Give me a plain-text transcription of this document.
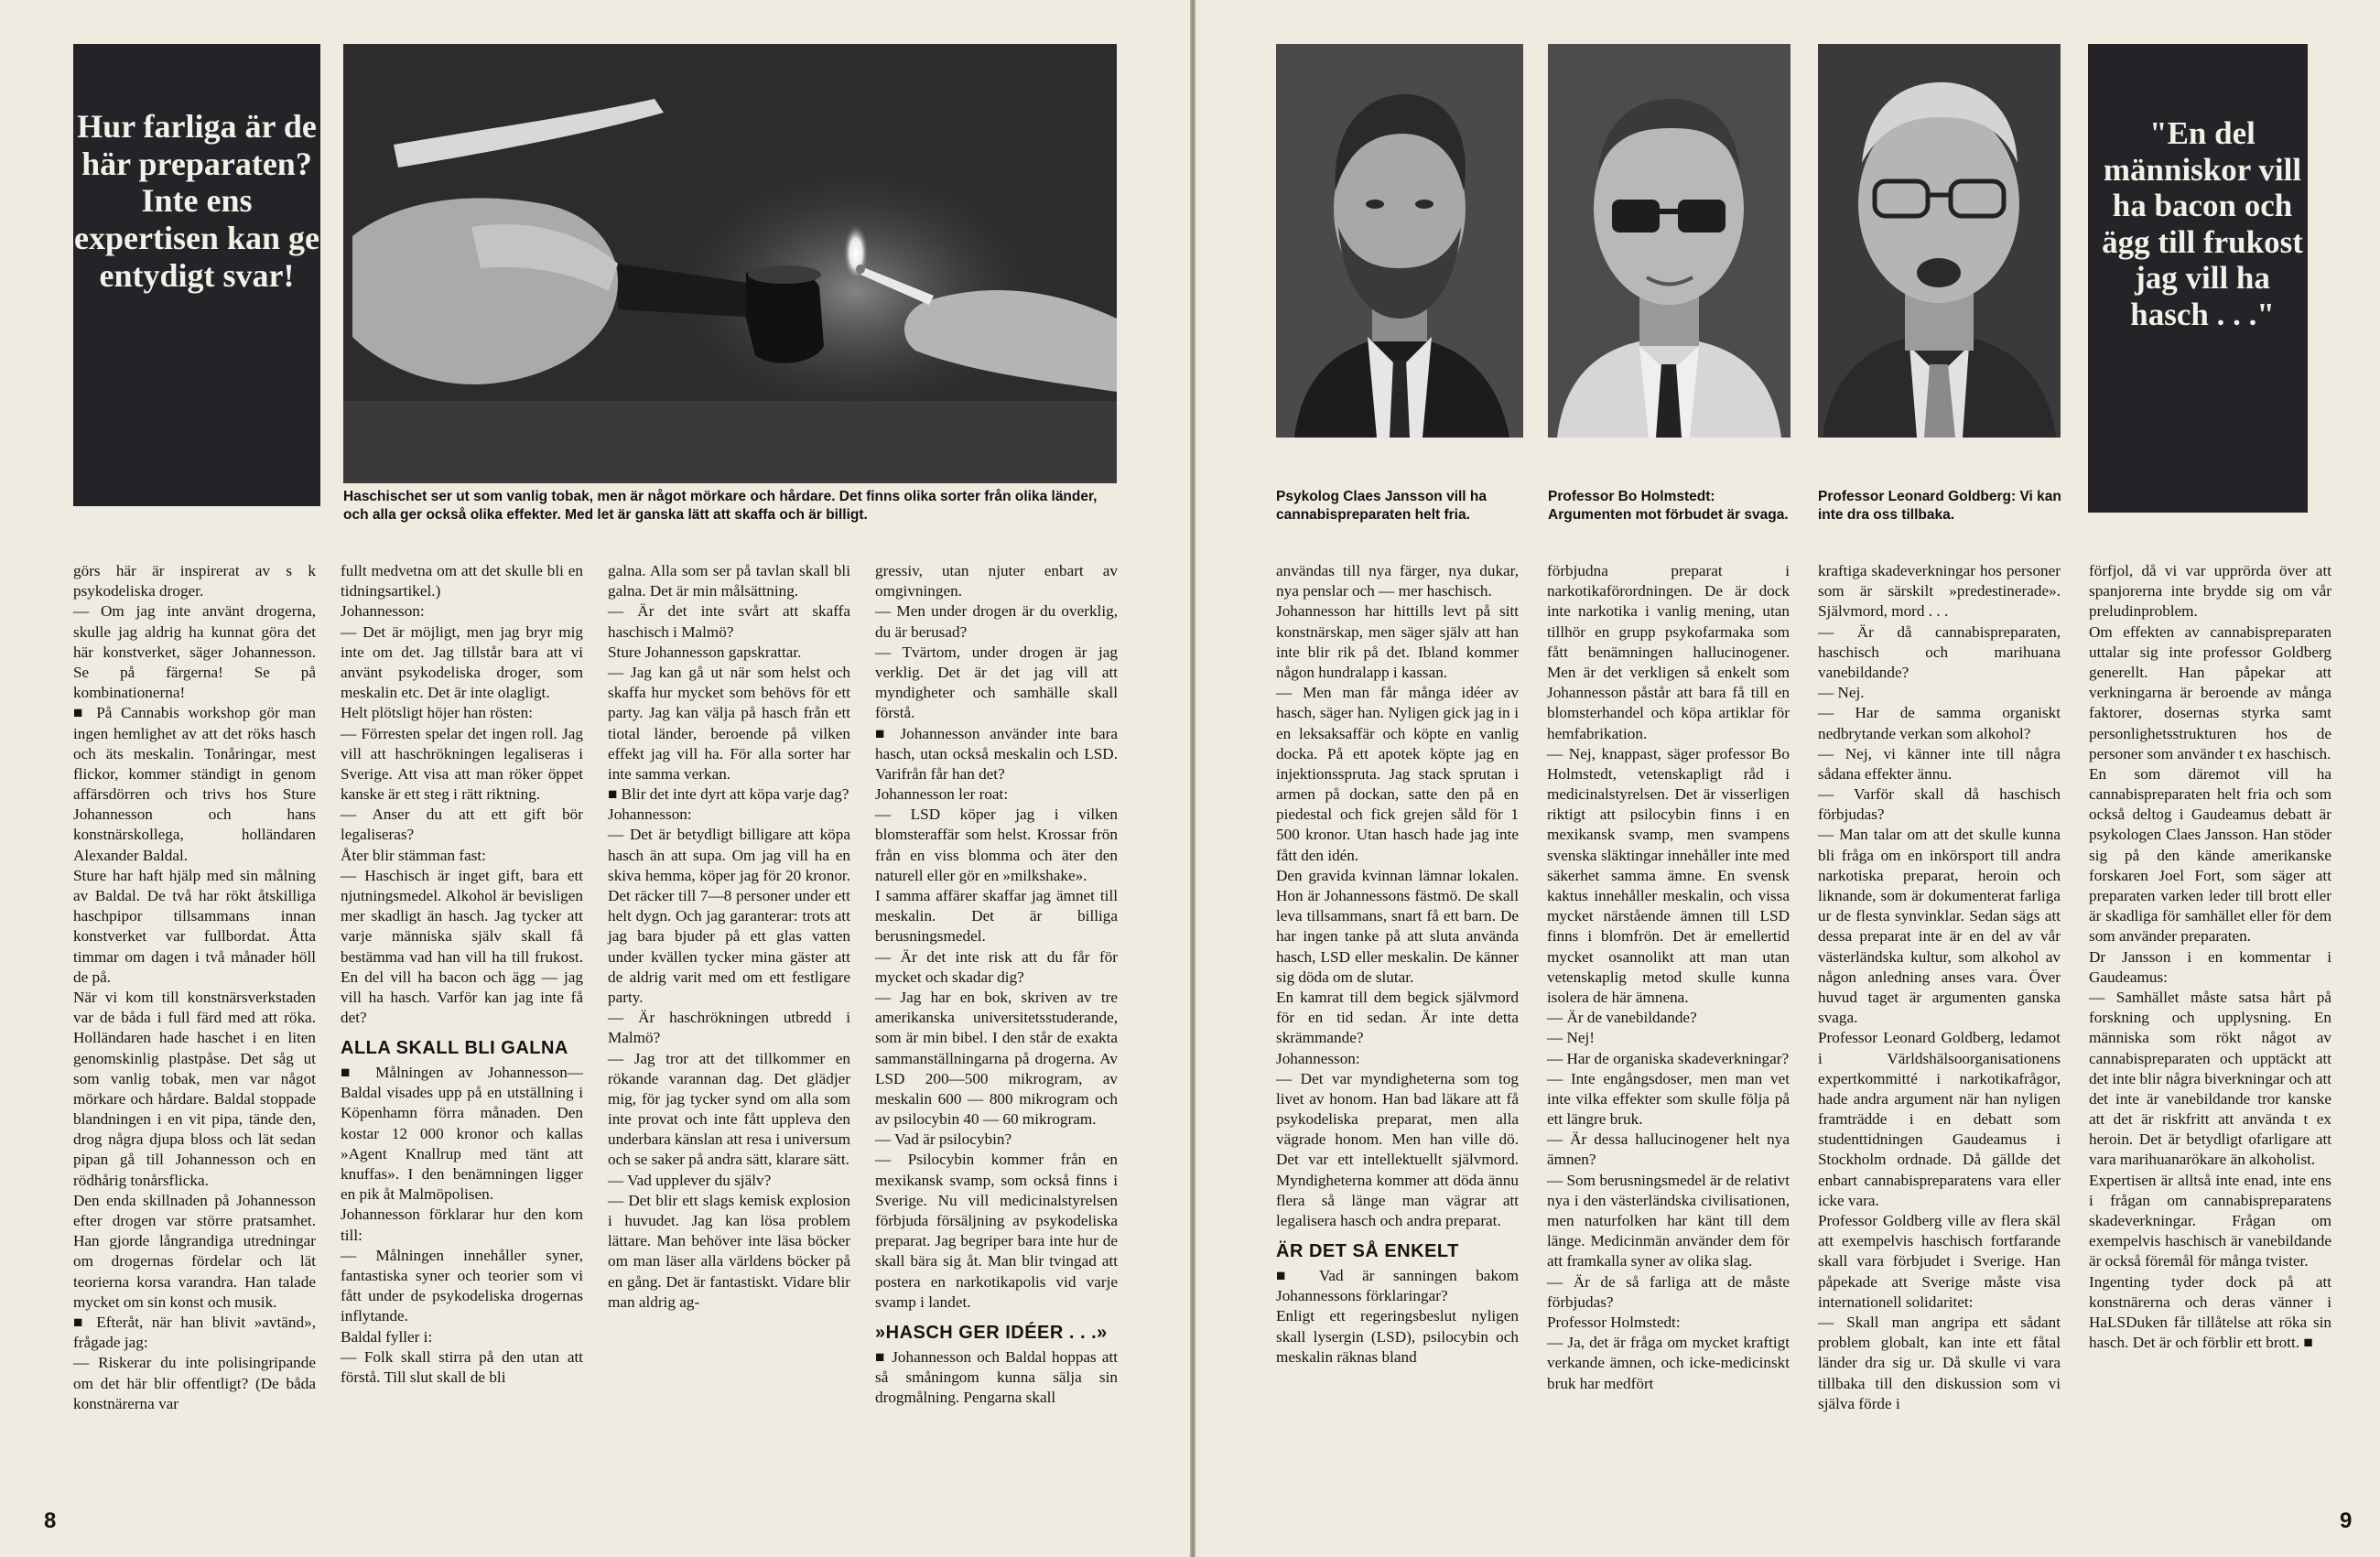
Hur farliga är de här preparaten? Inte ens expertisen kan ge entydigt svar!
Haschischet ser ut som vanlig tobak, men är något mörkare och hårdare. Det finns olika sorter från olika länder, och alla ger också olika effekter. Med let är ganska lätt att skaffa och är billigt.

görs här är inspirerat av s k psykodeliska droger.

— Om jag inte använt drogerna, skulle jag aldrig ha kunnat göra det här konstverket, säger Johannesson. Se på färgerna! Se på kombinationerna!

■ På Cannabis workshop gör man ingen hemlighet av att det röks hasch och äts meskalin. Tonåringar, mest flickor, kommer ständigt in genom affärsdörren och trivs hos Sture Johannesson och hans konstnärskollega, holländaren Alexander Baldal.

Sture har haft hjälp med sin målning av Baldal. De två har rökt åtskilliga haschpipor tillsammans innan konstverket var fullbordat. Åtta timmar om dagen i två månader höll de på.

När vi kom till konstnärsverkstaden var de båda i full färd med att röka. Holländaren hade haschet i en liten genomskinlig plastpåse. Det såg ut som vanlig tobak, men var något mörkare och hårdare. Baldal stoppade blandningen i en vit pipa, tände den, drog några djupa bloss och lät sedan pipan gå till Johannesson och en rödhårig tonårsflicka.

Den enda skillnaden på Johannesson efter drogen var större pratsamhet. Han gjorde långrandiga utredningar om drogernas fördelar och lät teorierna korsa varandra. Han talade mycket om sin konst och musik.

■ Efteråt, när han blivit »avtänd», frågade jag:

— Riskerar du inte polisingripande om det här blir offentligt? (De båda konstnärerna var

fullt medvetna om att det skulle bli en tidningsartikel.)

Johannesson:

— Det är möjligt, men jag bryr mig inte om det. Jag tillstår bara att vi använt psykodeliska droger, som meskalin etc. Det är inte olagligt.

Helt plötsligt höjer han rösten:

— Förresten spelar det ingen roll. Jag vill att haschrökningen legaliseras i Sverige. Att visa att man röker öppet kanske är ett steg i rätt riktning.

— Anser du att ett gift bör legaliseras?

Åter blir stämman fast:

— Haschisch är inget gift, bara ett njutningsmedel. Alkohol är bevisligen mer skadligt än hasch. Jag tycker att varje människa själv skall få bestämma vad han vill ha till frukost. En del vill ha bacon och ägg — jag vill ha hasch. Varför kan jag inte få det?

ALLA SKALL BLI GALNA

■ Målningen av Johannesson— Baldal visades upp på en utställning i Köpenhamn förra månaden. Den kostar 12 000 kronor och kallas »Agent Knallrup med tänt att knuffas». I den benämningen ligger en pik åt Malmöpolisen.

Johannesson förklarar hur den kom till:

— Målningen innehåller syner, fantastiska syner och teorier som vi fått under de psykodeliska drogernas inflytande.

Baldal fyller i:

— Folk skall stirra på den utan att förstå. Till slut skall de bli

galna. Alla som ser på tavlan skall bli galna. Det är min målsättning.

— Är det inte svårt att skaffa haschisch i Malmö?

Sture Johannesson gapskrattar.

— Jag kan gå ut när som helst och skaffa hur mycket som behövs för ett party. Jag kan välja på hasch från ett tiotal länder, beroende på vilken effekt jag vill ha. För alla sorter har inte samma verkan.

■ Blir det inte dyrt att köpa varje dag?

Johannesson:

— Det är betydligt billigare att köpa hasch än att supa. Om jag vill ha en skiva hemma, köper jag för 20 kronor. Det räcker till 7—8 personer under ett helt dygn. Och jag garanterar: trots att jag bara bjuder på ett glas vatten under kvällen tycker mina gäster att de aldrig varit med om ett festligare party.

— Är haschrökningen utbredd i Malmö?

— Jag tror att det tillkommer en rökande varannan dag. Det glädjer mig, för jag tycker synd om alla som inte provat och inte fått uppleva den underbara känslan att resa i universum och se saker på andra sätt, klarare sätt.

— Vad upplever du själv?

— Det blir ett slags kemisk explosion i huvudet. Jag kan lösa problem lättare. Man behöver inte läsa böcker om man läser alla världens böcker på en gång. Det är fantastiskt. Vidare blir man aldrig ag-

gressiv, utan njuter enbart av omgivningen.

— Men under drogen är du overklig, du är berusad?

— Tvärtom, under drogen är jag verklig. Det är det jag vill att myndigheter och samhälle skall förstå.

■ Johannesson använder inte bara hasch, utan också meskalin och LSD. Varifrån får han det?

Johannesson ler roat:

— LSD köper jag i vilken blomsteraffär som helst. Krossar frön från en viss blomma och äter den naturell eller gör en »milkshake».

I samma affärer skaffar jag ämnet till meskalin. Det är billiga berusningsmedel.

— Är det inte risk att du får för mycket och skadar dig?

— Jag har en bok, skriven av tre amerikanska universitetsstuderande, som är min bibel. I den står de exakta sammanställningarna på drogerna. Av LSD 200—500 mikrogram, av meskalin 600 — 800 mikrogram och av psilocybin 40 — 60 mikrogram.

— Vad är psilocybin?

— Psilocybin kommer från en mexikansk svamp, som också finns i Sverige. Nu vill medicinalstyrelsen förbjuda försäljning av psykodeliska preparat. Jag begriper bara inte hur de skall bära sig åt. Man blir tvingad att postera en narkotikapolis vid varje svamp i landet.

»HASCH GER IDÉER . . .»

■ Johannesson och Baldal hoppas att så småningom kunna sälja sin drogmålning. Pengarna skall

8
Psykolog Claes Jansson vill ha cannabispreparaten helt fria.
Professor Bo Holmstedt: Argumenten mot förbudet är svaga.
Professor Leonard Goldberg: Vi kan inte dra oss tillbaka.
"En del människor vill ha bacon och ägg till frukost jag vill ha hasch . . ."

användas till nya färger, nya dukar, nya penslar och — mer haschisch.

Johannesson har hittills levt på sitt konstnärskap, men säger själv att han inte blir rik på det. Ibland kommer någon hundralapp i kassan.

— Men man får många idéer av hasch, säger han. Nyligen gick jag in i en leksaksaffär och köpte en vanlig docka. På ett apotek köpte jag en injektionsspruta. Jag stack sprutan i armen på dockan, satte den på en piedestal och fick grejen såld för 1 500 kronor. Utan hasch hade jag inte fått den idén.

Den gravida kvinnan lämnar lokalen. Hon är Johannessons fästmö. De skall leva tillsammans, snart få ett barn. De har ingen tanke på att sluta använda hasch, LSD eller meskalin. De känner sig döda om de slutar.

En kamrat till dem begick självmord för en tid sedan. Är inte detta skrämmande?

Johannesson:

— Det var myndigheterna som tog livet av honom. Han bad läkare att få psykodeliska preparat, men alla vägrade honom. Men han ville dö. Det var ett intellektuellt självmord. Myndigheterna kommer att döda ännu flera så länge man vägrar att legalisera hasch och andra preparat.

ÄR DET SÅ ENKELT

■ Vad är sanningen bakom Johannessons förklaringar?

Enligt ett regeringsbeslut nyligen skall lysergin (LSD), psilocybin och meskalin räknas bland

förbjudna preparat i narkotikaförordningen. De är dock inte narkotika i vanlig mening, utan tillhör en grupp psykofarmaka som fått benämningen hallucinogener. Men är det verkligen så enkelt som Johannesson påstår att bara få till en blomsterhandel och köpa artiklar för hemfabrikation.

— Nej, knappast, säger professor Bo Holmstedt, vetenskapligt råd i medicinalstyrelsen. Det är visserligen riktigt att psilocybin finns i en mexikansk svamp, men svampens svenska släktingar innehåller inte med säkerhet samma ämne. En svensk kaktus innehåller meskalin, och vissa mycket närstående ämnen till LSD finns i blomfrön. Det är emellertid mycket osannolikt att man utan vetenskaplig metod skulle kunna isolera de här ämnena.

— Är de vanebildande?

— Nej!

— Har de organiska skadeverkningar?

— Inte engångsdoser, men man vet inte vilka effekter som skulle följa på ett längre bruk.

— Är dessa hallucinogener helt nya ämnen?

— Som berusningsmedel är de relativt nya i den västerländska civilisationen, men naturfolken har känt till dem länge. Medicinmän använder dem för att framkalla syner av olika slag.

— Är de så farliga att de måste förbjudas?

Professor Holmstedt:

— Ja, det är fråga om mycket kraftigt verkande ämnen, och icke-medicinskt bruk har medfört

kraftiga skadeverkningar hos personer som är särskilt »predestinerade». Självmord, mord . . .

— Är då cannabispreparaten, haschisch och marihuana vanebildande?

— Nej.

— Har de samma organiskt nedbrytande verkan som alkohol?

— Nej, vi känner inte till några sådana effekter ännu.

— Varför skall då haschisch förbjudas?

— Man talar om att det skulle kunna bli fråga om en inkörsport till andra narkotiska preparat, heroin och liknande, som är dokumenterat farliga ur de flesta synvinklar. Sedan sägs att dessa preparat inte är en del av vår västerländska kultur, som alkohol av någon anledning anses vara. Över huvud taget är argumenten ganska svaga.

Professor Leonard Goldberg, ledamot i Världshälsoorganisationens expertkommitté i narkotikafrågor, hade andra argument när han nyligen framträdde i en debatt som studenttidningen Gaudeamus i Stockholm ordnade. Då gällde det enbart cannabispreparatens vara eller icke vara.

Professor Goldberg ville av flera skäl att exempelvis haschisch fortfarande skall vara förbjudet i Sverige. Han påpekade att Sverige måste visa internationell solidaritet:

— Skall man angripa ett sådant problem globalt, kan inte ett fåtal länder dra sig ur. Då skulle vi vara tillbaka till den diskussion som vi själva förde i

förfjol, då vi var upprörda över att spanjorerna inte brydde sig om vår preludinproblem.

Om effekten av cannabispreparaten uttalar sig inte professor Goldberg generellt. Han påpekar att verkningarna är beroende av många faktorer, dosernas styrka samt personlighetsstrukturen hos de personer som använder t ex haschisch.

En som däremot vill ha cannabispreparaten helt fria och som också deltog i Gaudeamus debatt är psykologen Claes Jansson. Han stöder sig på den kände amerikanske forskaren Joel Fort, som säger att preparaten varken leder till brott eller är skadliga för samhället eller för dem som använder preparaten.

Dr Jansson i en kommentar i Gaudeamus:

— Samhället måste satsa hårt på forskning och upplysning. En människa som rökt något av cannabispreparaten och upptäckt att det inte blir några biverkningar och att det inte är vanebildande tror kanske att det är riskfritt att använda t ex heroin. Det är betydligt ofarligare att vara marihuanarökare än alkoholist.

Expertisen är alltså inte enad, inte ens i frågan om cannabispreparatens skadeverkningar. Frågan om exempelvis haschisch är vanebildande är också föremål för många tvister.

Ingenting tyder dock på att konstnärerna och deras vänner i HaLSDuken får tillåtelse att röka sin hasch. Det är och förblir ett brott. ■

9
